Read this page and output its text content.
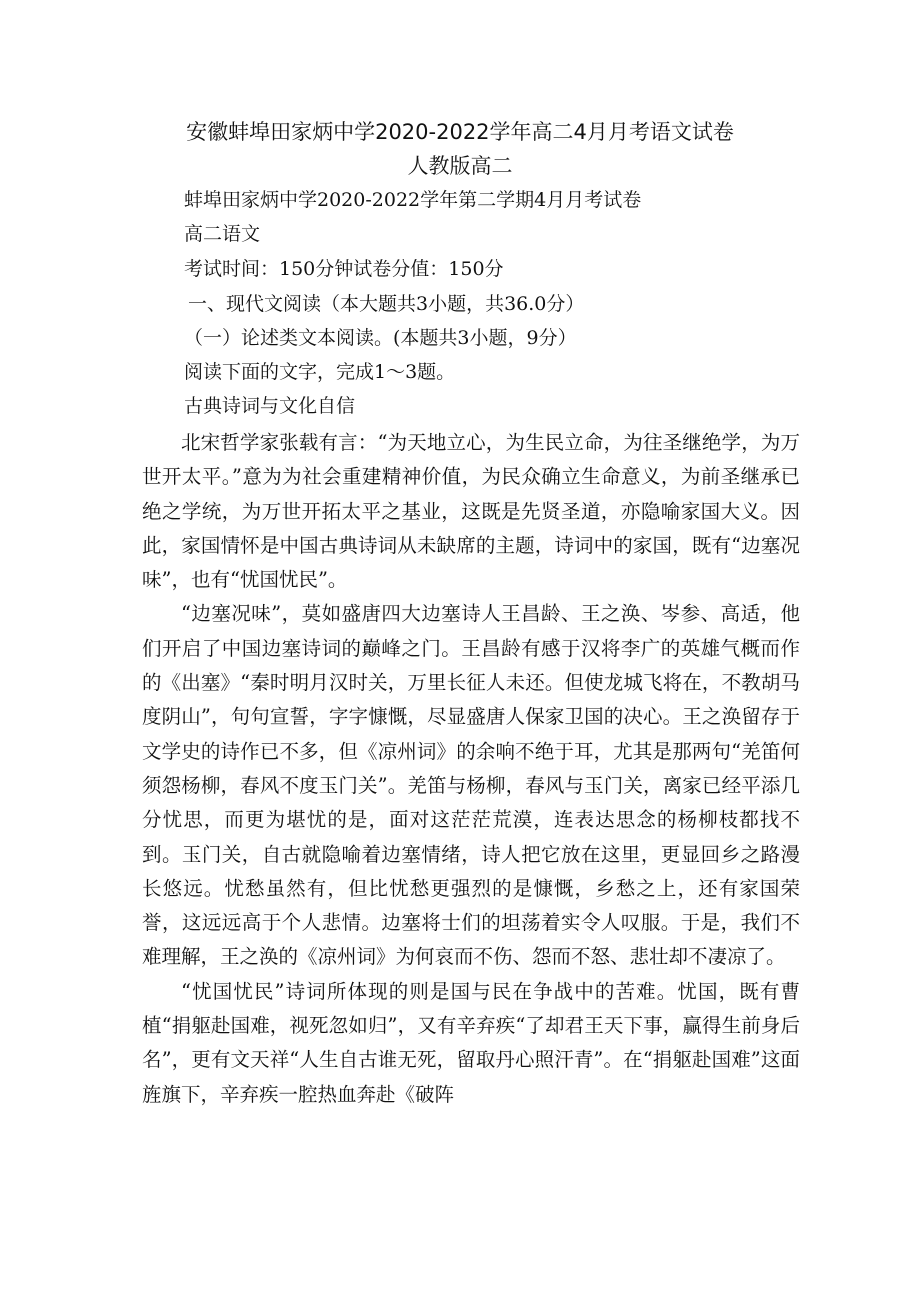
安徽蚌埠田家炳中学2020-2022学年高二4月月考语文试卷
人教版高二
蚌埠田家炳中学2020-2022学年第二学期4月月考试卷
高二语文
考试时间：150分钟试卷分值：150分
一、现代文阅读（本大题共3小题，共36.0分）
（一）论述类文本阅读。(本题共3小题，9分）
阅读下面的文字，完成1～3题。
古典诗词与文化自信

北宋哲学家张载有言：“为天地立心，为生民立命，为往圣继绝学，为万世开太平。”意为为社会重建精神价值，为民众确立生命意义，为前圣继承已绝之学统，为万世开拓太平之基业，这既是先贤圣道，亦隐喻家国大义。因此，家国情怀是中国古典诗词从未缺席的主题，诗词中的家国，既有“边塞况味”，也有“忧国忧民”。

“边塞况味”，莫如盛唐四大边塞诗人王昌龄、王之涣、岑参、高适，他们开启了中国边塞诗词的巅峰之门。王昌龄有感于汉将李广的英雄气概而作的《出塞》“秦时明月汉时关，万里长征人未还。但使龙城飞将在，不教胡马度阴山”，句句宣誓，字字慷慨，尽显盛唐人保家卫国的决心。王之涣留存于文学史的诗作已不多，但《凉州词》的余响不绝于耳，尤其是那两句“羌笛何须怨杨柳，春风不度玉门关”。羌笛与杨柳，春风与玉门关，离家已经平添几分忧思，而更为堪忧的是，面对这茫茫荒漠，连表达思念的杨柳枝都找不到。玉门关，自古就隐喻着边塞情绪，诗人把它放在这里，更显回乡之路漫长悠远。忧愁虽然有，但比忧愁更强烈的是慷慨，乡愁之上，还有家国荣誉，这远远高于个人悲情。边塞将士们的坦荡着实令人叹服。于是，我们不难理解，王之涣的《凉州词》为何哀而不伤、怨而不怒、悲壮却不凄凉了。

“忧国忧民”诗词所体现的则是国与民在争战中的苦难。忧国，既有曹植“捐躯赴国难，视死忽如归”，又有辛弃疾“了却君王天下事，赢得生前身后名”，更有文天祥“人生自古谁无死，留取丹心照汗青”。在“捐躯赴国难”这面旌旗下，辛弃疾一腔热血奔赴《破阵
